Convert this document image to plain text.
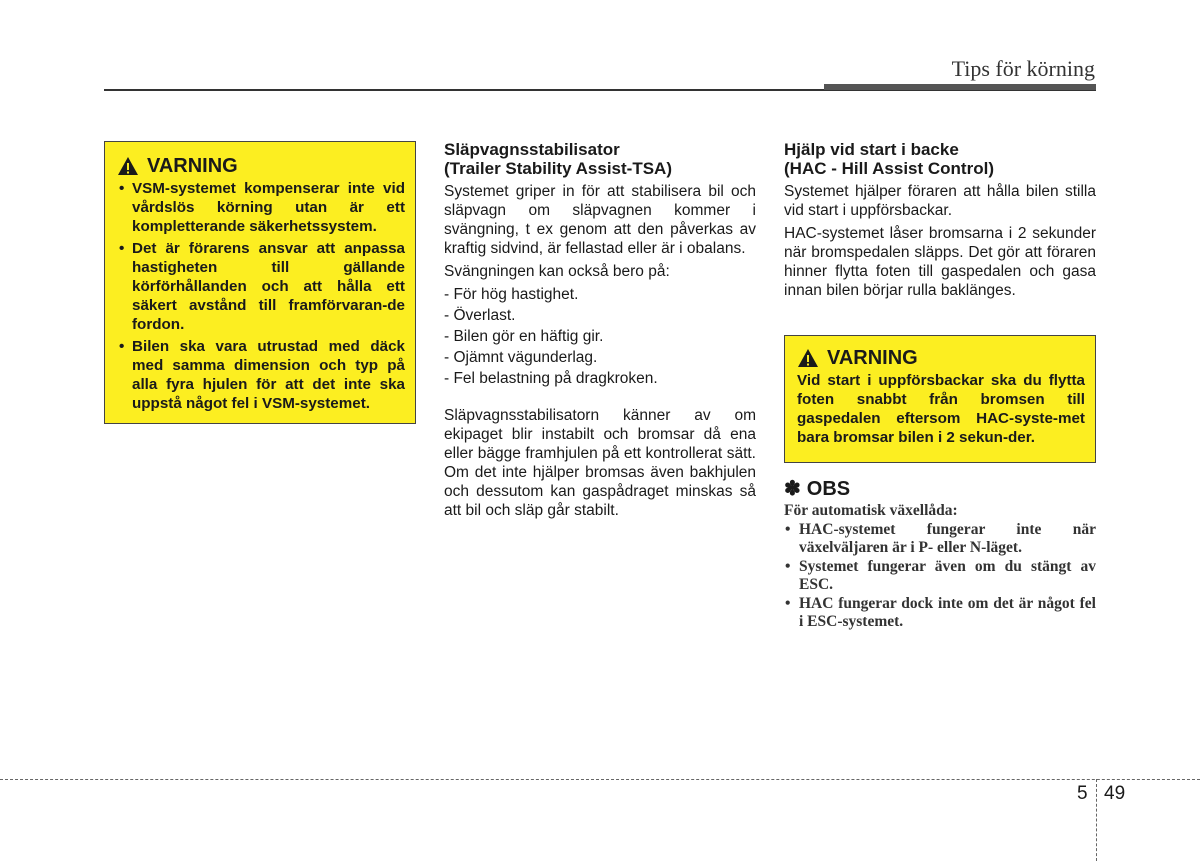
Tips för körning
VARNING
• VSM-systemet kompenserar inte vid vårdslös körning utan är ett kompletterande säkerhetssystem.
• Det är förarens ansvar att anpassa hastigheten till gällande körförhållanden och att hålla ett säkert avstånd till framförvaran-de fordon.
• Bilen ska vara utrustad med däck med samma dimension och typ på alla fyra hjulen för att det inte ska uppstå något fel i VSM-systemet.
Släpvagnsstabilisator
(Trailer Stability Assist-TSA)

Systemet griper in för att stabilisera bil och släpvagn om släpvagnen kommer i svängning, t ex genom att den påverkas av kraftig sidvind, är fellastad eller är i obalans.

Svängningen kan också bero på:

- För hög hastighet.
- Överlast.
- Bilen gör en häftig gir.
- Ojämnt vägunderlag.
- Fel belastning på dragkroken.

Släpvagnsstabilisatorn känner av om ekipaget blir instabilt och bromsar då ena eller bägge framhjulen på ett kontrollerat sätt. Om det inte hjälper bromsas även bakhjulen och dessutom kan gaspådraget minskas så att bil och släp går stabilt.

Hjälp vid start i backe
(HAC - Hill Assist Control)

Systemet hjälper föraren att hålla bilen stilla vid start i uppförsbackar.

HAC-systemet låser bromsarna i 2 sekunder när bromspedalen släpps. Det gör att föraren hinner flytta foten till gaspedalen och gasa innan bilen börjar rulla baklänges.

VARNING
Vid start i uppförsbackar ska du flytta foten snabbt från bromsen till gaspedalen eftersom HAC-syste-met bara bromsar bilen i 2 sekun-der.
✽ OBS
För automatisk växellåda:
• HAC-systemet fungerar inte när växelväljaren är i P- eller N-läget.
• Systemet fungerar även om du stängt av ESC.
• HAC fungerar dock inte om det är något fel i ESC-systemet.
5 49
